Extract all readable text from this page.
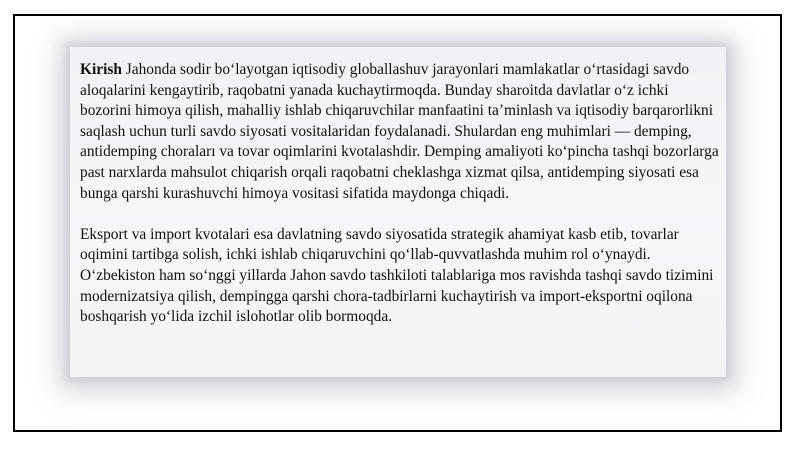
Kirish Jahonda sodir boʻlayotgan iqtisodiy globallashuv jarayonlari mamlakatlar oʻrtasidagi savdo aloqalarini kengaytirib, raqobatni yanada kuchaytirmoqda. Bunday sharoitda davlatlar oʻz ichki bozorini himoya qilish, mahalliy ishlab chiqaruvchilar manfaatini taʼminlash va iqtisodiy barqarorlikni saqlash uchun turli savdo siyosati vositalaridan foydalanadi. Shulardan eng muhimlari — demping, antidemping choraları va tovar oqimlarini kvotalashdir. Demping amaliyoti koʻpincha tashqi bozorlarga past narxlarda mahsulot chiqarish orqali raqobatni cheklashga xizmat qilsa, antidemping siyosati esa bunga qarshi kurashuvchi himoya vositasi sifatida maydonga chiqadi.

Eksport va import kvotalari esa davlatning savdo siyosatida strategik ahamiyat kasb etib, tovarlar oqimini tartibga solish, ichki ishlab chiqaruvchini qoʻllab-quvvatlashda muhim rol oʻynaydi. Oʻzbekiston ham soʻnggi yillarda Jahon savdo tashkiloti talablariga mos ravishda tashqi savdo tizimini modernizatsiya qilish, dempingga qarshi chora-tadbirlarni kuchaytirish va import-eksportni oqilona boshqarish yoʻlida izchil islohotlar olib bormoqda.
